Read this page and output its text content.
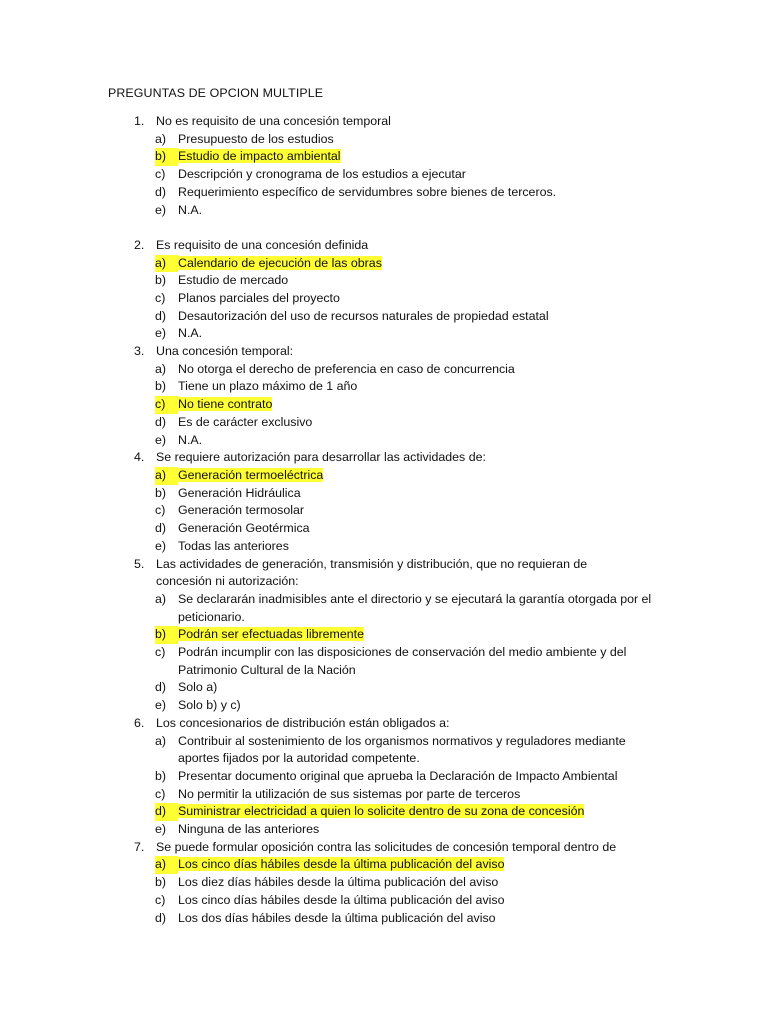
PREGUNTAS DE OPCION MULTIPLE
1. No es requisito de una concesión temporal
a) Presupuesto de los estudios
b) Estudio de impacto ambiental
c)	Descripción y cronograma de los estudios a ejecutar
d) Requerimiento específico de servidumbres sobre bienes de terceros.
e) N.A.
2. Es requisito de una concesión definida
a) Calendario de ejecución de las obras
b) Estudio de mercado
c)	Planos parciales del proyecto
d) Desautorización del uso de recursos naturales de propiedad estatal
e) N.A.
3. Una concesión temporal:
a) No otorga el derecho de preferencia en caso de concurrencia
b) Tiene un plazo máximo de 1 año
c)	No tiene contrato
d) Es de carácter exclusivo
e) N.A.
4. Se requiere autorización para desarrollar las actividades de:
a) Generación termoeléctrica
b) Generación Hidráulica
c)	Generación termosolar
d) Generación Geotérmica
e) Todas las anteriores
5. Las actividades de generación, transmisión y distribución, que no requieran de concesión ni autorización:
a) Se declararán inadmisibles ante el directorio y se ejecutará la garantía otorgada por el peticionario.
b) Podrán ser efectuadas libremente
c)	Podrán incumplir con las disposiciones de conservación del medio ambiente y del Patrimonio Cultural de la Nación
d) Solo a)
e) Solo b) y c)
6. Los concesionarios de distribución están obligados a:
a) Contribuir al sostenimiento de los organismos normativos y reguladores mediante aportes fijados por la autoridad competente.
b) Presentar documento original que aprueba la Declaración de Impacto Ambiental
c)	No permitir la utilización de sus sistemas por parte de terceros
d) Suministrar electricidad a quien lo solicite dentro de su zona de concesión
e) Ninguna de las anteriores
7. Se puede formular oposición contra las solicitudes de concesión temporal dentro de
a) Los cinco días hábiles desde la última publicación del aviso
b) Los diez días hábiles desde la última publicación del aviso
c)	Los cinco días hábiles desde la última publicación del aviso
d) Los dos días hábiles desde la última publicación del aviso
